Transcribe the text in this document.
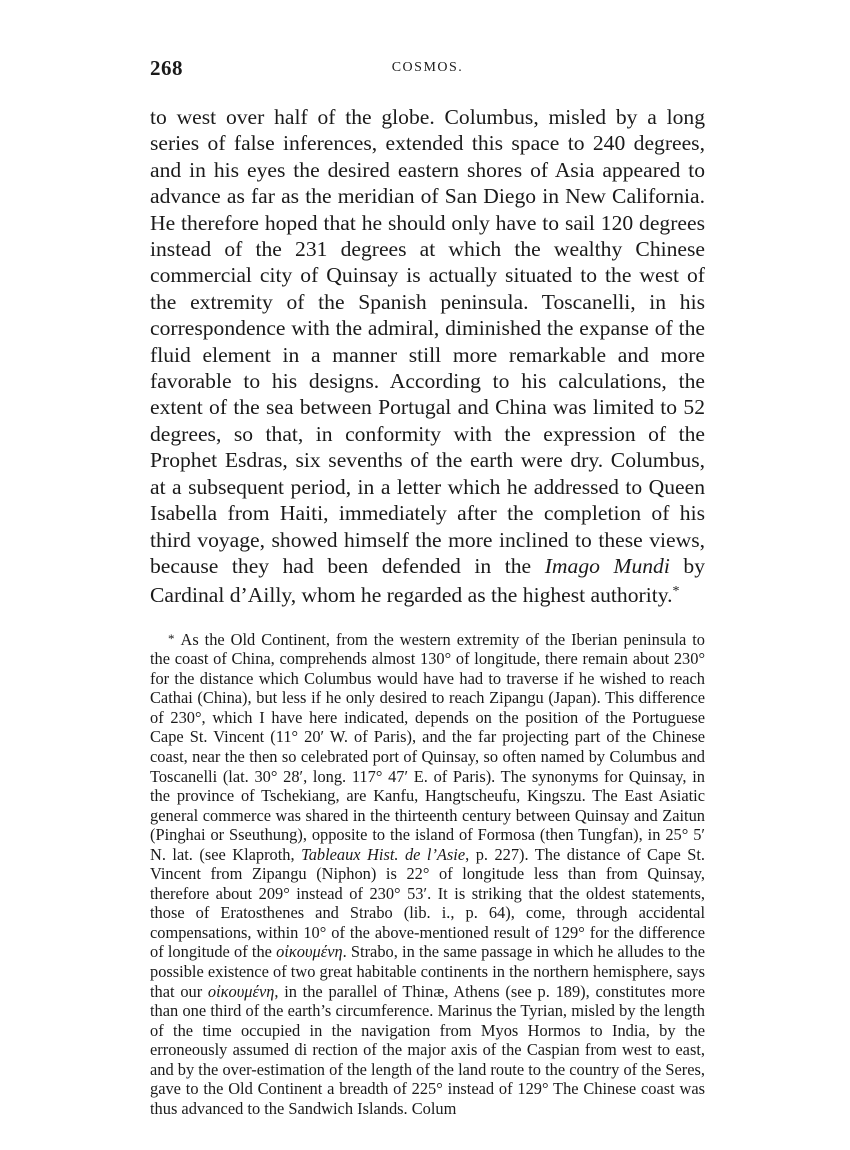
268	COSMOS.

to west over half of the globe. Columbus, misled by a long series of false inferences, extended this space to 240 degrees, and in his eyes the desired eastern shores of Asia appeared to advance as far as the meridian of San Diego in New California. He therefore hoped that he should only have to sail 120 degrees instead of the 231 degrees at which the wealthy Chinese commercial city of Quinsay is actually situated to the west of the extremity of the Spanish peninsula. Toscanelli, in his correspondence with the admiral, diminished the expanse of the fluid element in a manner still more remarkable and more favorable to his designs. According to his calculations, the extent of the sea between Portugal and China was limited to 52 degrees, so that, in conformity with the expression of the Prophet Esdras, six sevenths of the earth were dry. Columbus, at a subsequent period, in a letter which he addressed to Queen Isabella from Haiti, immediately after the completion of his third voyage, showed himself the more inclined to these views, because they had been defended in the Imago Mundi by Cardinal d’Ailly, whom he regarded as the highest authority.*

* As the Old Continent, from the western extremity of the Iberian peninsula to the coast of China, comprehends almost 130° of longitude, there remain about 230° for the distance which Columbus would have had to traverse if he wished to reach Cathai (China), but less if he only desired to reach Zipangu (Japan). This difference of 230°, which I have here indicated, depends on the position of the Portuguese Cape St. Vincent (11° 20′ W. of Paris), and the far projecting part of the Chinese coast, near the then so celebrated port of Quinsay, so often named by Columbus and Toscanelli (lat. 30° 28′, long. 117° 47′ E. of Paris). The synonyms for Quinsay, in the province of Tschekiang, are Kanfu, Hangtscheufu, Kingszu. The East Asiatic general commerce was shared in the thirteenth century between Quinsay and Zaitun (Pinghai or Sseuthung), opposite to the island of Formosa (then Tungfan), in 25° 5′ N. lat. (see Klaproth, Tableaux Hist. de l’Asie, p. 227). The distance of Cape St. Vincent from Zipangu (Niphon) is 22° of longitude less than from Quinsay, therefore about 209° instead of 230° 53′. It is striking that the oldest statements, those of Eratosthenes and Strabo (lib. i., p. 64), come, through accidental compensations, within 10° of the above-mentioned result of 129° for the difference of longitude of the οἰκουμένη. Strabo, in the same passage in which he alludes to the possible existence of two great habitable continents in the northern hemisphere, says that our οἰκουμένη, in the parallel of Thinæ, Athens (see p. 189), constitutes more than one third of the earth’s circumference. Marinus the Tyrian, misled by the length of the time occupied in the navigation from Myos Hormos to India, by the erroneously assumed di rection of the major axis of the Caspian from west to east, and by the over-estimation of the length of the land route to the country of the Seres, gave to the Old Continent a breadth of 225° instead of 129° The Chinese coast was thus advanced to the Sandwich Islands. Colum
